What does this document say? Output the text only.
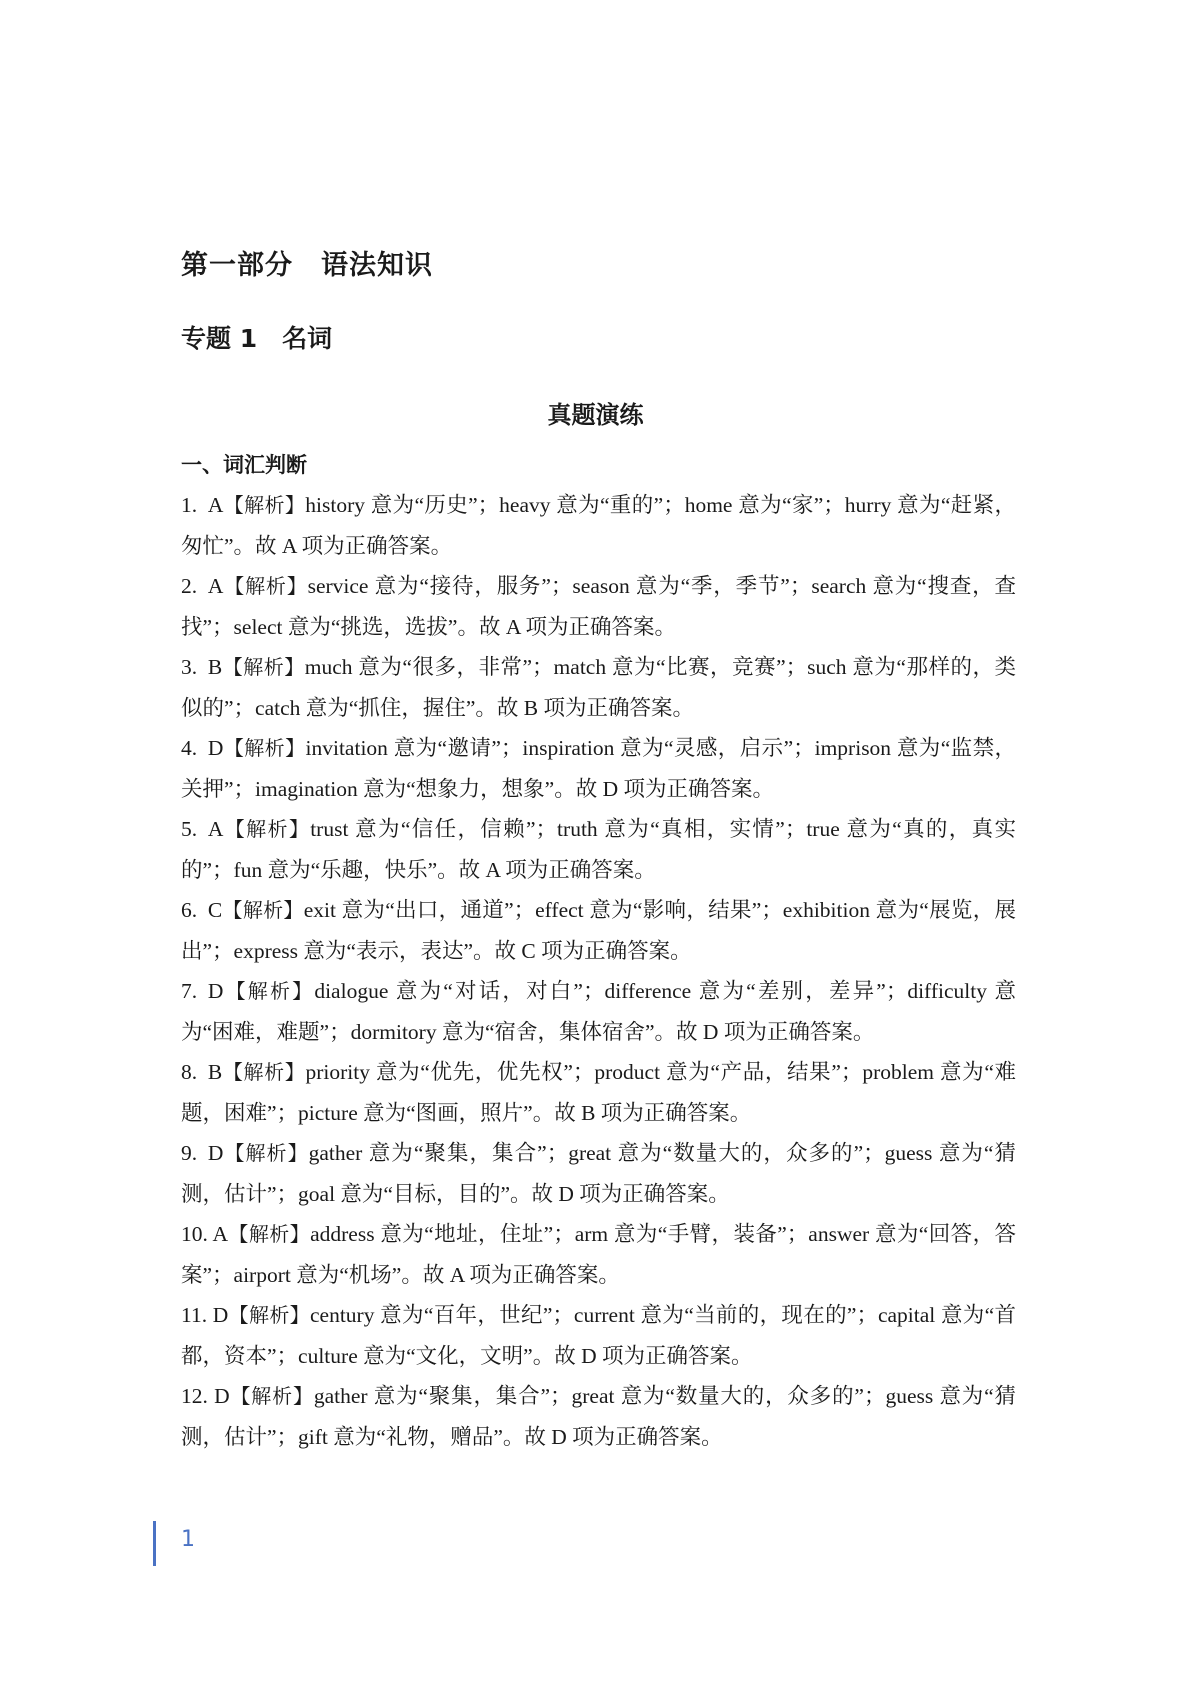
第一部分　语法知识
专题 1　名词
真题演练
一、词汇判断
1.  A【解析】history 意为“历史”；heavy 意为“重的”；home 意为“家”；hurry 意为“赶紧，匆忙”。故 A 项为正确答案。
2.  A【解析】service 意为“接待，服务”；season 意为“季，季节”；search 意为“搜查，查找”；select 意为“挑选，选拔”。故 A 项为正确答案。
3.  B【解析】much 意为“很多，非常”；match 意为“比赛，竞赛”；such 意为“那样的，类似的”；catch 意为“抓住，握住”。故 B 项为正确答案。
4.  D【解析】invitation 意为“邀请”；inspiration 意为“灵感，启示”；imprison 意为“监禁，关押”；imagination 意为“想象力，想象”。故 D 项为正确答案。
5.  A【解析】trust 意为“信任，信赖”；truth 意为“真相，实情”；true 意为“真的，真实的”；fun 意为“乐趣，快乐”。故 A 项为正确答案。
6.  C【解析】exit 意为“出口，通道”；effect 意为“影响，结果”；exhibition 意为“展览，展出”；express 意为“表示，表达”。故 C 项为正确答案。
7.  D【解析】dialogue 意为“对话，对白”；difference 意为“差别，差异”；difficulty 意为“困难，难题”；dormitory 意为“宿舍，集体宿舍”。故 D 项为正确答案。
8.  B【解析】priority 意为“优先，优先权”；product 意为“产品，结果”；problem 意为“难题，困难”；picture 意为“图画，照片”。故 B 项为正确答案。
9.  D【解析】gather 意为“聚集，集合”；great 意为“数量大的，众多的”；guess 意为“猜测，估计”；goal 意为“目标，目的”。故 D 项为正确答案。
10. A【解析】address 意为“地址，住址”；arm 意为“手臂，装备”；answer 意为“回答，答案”；airport 意为“机场”。故 A 项为正确答案。
11. D【解析】century 意为“百年，世纪”；current 意为“当前的，现在的”；capital 意为“首都，资本”；culture 意为“文化，文明”。故 D 项为正确答案。
12. D【解析】gather 意为“聚集，集合”；great 意为“数量大的，众多的”；guess 意为“猜测，估计”；gift 意为“礼物，赠品”。故 D 项为正确答案。
1
